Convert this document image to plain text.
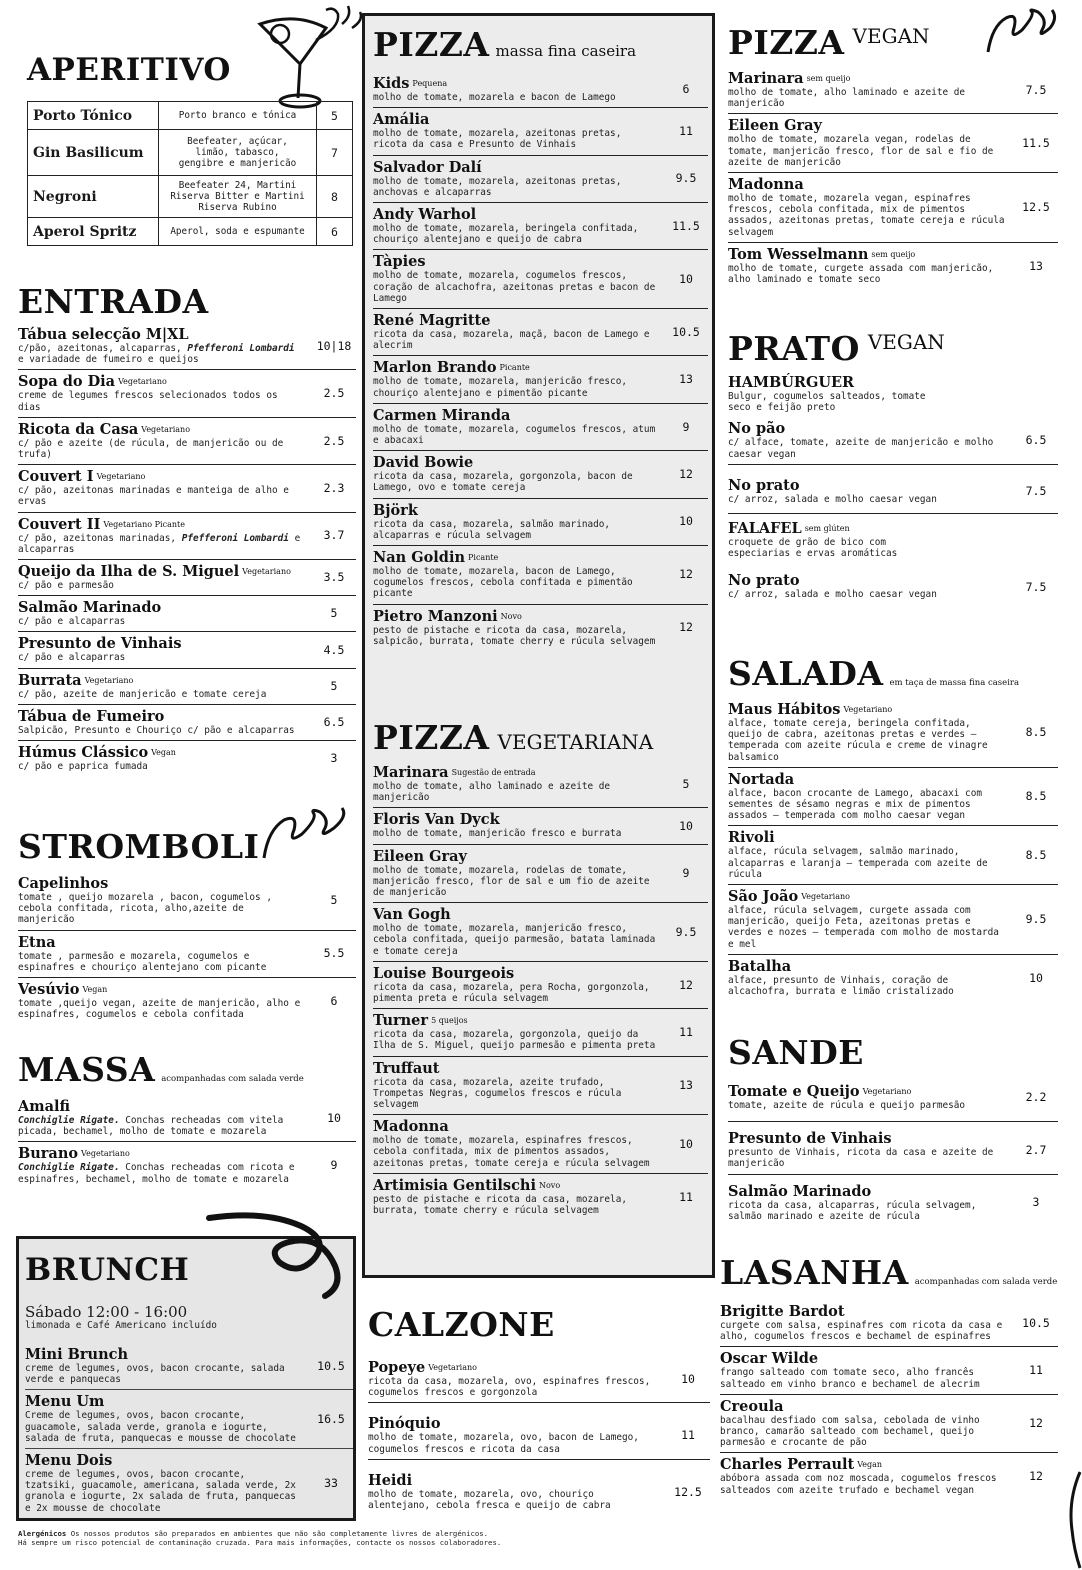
APERITIVO
Porto Tónico	Porto branco e tónica	5
Gin Basilicum	Beefeater, açúcar,
limão, tabasco,
gengibre e manjericão	7
Negroni	Beefeater 24, Martini
Riserva Bitter e Martini
Riserva Rubino	8
Aperol Spritz	Aperol, soda e espumante	6
ENTRADA
Tábua selecção M|XL
c/pão, azeitonas, alcaparras, Pfefferoni Lombardi e variadade de fumeiro e queijos
10|18
Sopa do Dia $^{Vegetariano}$
creme de legumes frescos selecionados todos os dias
2.5
Ricota da Casa $^{Vegetariano}$
c/ pão e azeite (de rúcula, de manjericão ou de trufa)
2.5
Couvert I $^{Vegetariano}$
c/ pão, azeitonas marinadas e manteiga de alho e ervas
2.3
Couvert II $^{Vegetariano Picante}$
c/ pão, azeitonas marinadas, Pfefferoni Lombardi e alcaparras
3.7
Queijo da Ilha de S. Miguel $^{Vegetariano}$
c/ pão e parmesão
3.5
Salmão Marinado
c/ pão e alcaparras
5
Presunto de Vinhais
c/ pão e alcaparras
4.5
Burrata $^{Vegetariano}$
c/ pão, azeite de manjericão e tomate cereja
5
Tábua de Fumeiro
Salpicão, Presunto e Chouriço c/ pão e alcaparras
6.5
Húmus Clássico $^{Vegan}$
c/ pão e paprica fumada
3
STROMBOLI
Capelinhos
tomate , queijo mozarela , bacon, cogumelos , cebola confitada, ricota, alho,azeite de manjericão
5
Etna
tomate , parmesão e mozarela, cogumelos e espinafres e chouriço alentejano com picante
5.5
Vesúvio $^{Vegan}$
tomate ,queijo vegan, azeite de manjericão, alho e espinafres, cogumelos e cebola confitada
6
MASSA acompanhadas com salada verde
Amalfi
Conchiglie Rigate. Conchas recheadas com vitela picada, bechamel, molho de tomate e mozarela
10
Burano $^{Vegetariano}$
Conchiglie Rigate. Conchas recheadas com ricota e espinafres, bechamel, molho de tomate e mozarela
9
BRUNCH
Sábado 12:00 - 16:00
limonada e Café Americano incluído
Mini Brunch
creme de legumes, ovos, bacon crocante, salada verde e panquecas
10.5
Menu Um
Creme de legumes, ovos, bacon crocante, guacamole, salada verde, granola e iogurte, salada de fruta, panquecas e mousse de chocolate
16.5
Menu Dois
creme de legumes, ovos, bacon crocante, tzatsiki, guacamole, americana, salada verde, 2x granola e iogurte, 2x salada de fruta, panquecas e 2x mousse de chocolate
33
Alergénicos Os nossos produtos são preparados em ambientes que não são completamente livres de alergénicos.
Há sempre um risco potencial de contaminação cruzada. Para mais informações, contacte os nossos colaboradores.
PIZZA massa fina caseira
Kids $^{Pequena}$
molho de tomate, mozarela e bacon de Lamego
6
Amália
molho de tomate, mozarela, azeitonas pretas, ricota da casa e Presunto de Vinhais
11
Salvador Dalí
molho de tomate, mozarela, azeitonas pretas, anchovas e alcaparras
9.5
Andy Warhol
molho de tomate, mozarela, beringela confitada, chouriço alentejano e queijo de cabra
11.5
Tàpies
molho de tomate, mozarela, cogumelos frescos, coração de alcachofra, azeitonas pretas e bacon de Lamego
10
René Magritte
ricota da casa, mozarela, maçã, bacon de Lamego e alecrim
10.5
Marlon Brando $^{Picante}$
molho de tomate, mozarela, manjericão fresco, chouriço alentejano e pimentão picante
13
Carmen Miranda
molho de tomate, mozarela, cogumelos frescos, atum e abacaxi
9
David Bowie
ricota da casa, mozarela, gorgonzola, bacon de Lamego, ovo e tomate cereja
12
Björk
ricota da casa, mozarela, salmão marinado, alcaparras e rúcula selvagem
10
Nan Goldin $^{Picante}$
molho de tomate, mozarela, bacon de Lamego, cogumelos frescos, cebola confitada e pimentão picante
12
Pietro Manzoni $^{Novo}$
pesto de pistache e ricota da casa, mozarela, salpicão, burrata, tomate cherry e rúcula selvagem
12
PIZZA VEGETARIANA
Marinara $^{Sugestão de entrada}$
molho de tomate, alho laminado e azeite de manjericão
5
Floris Van Dyck
molho de tomate, manjericão fresco e burrata
10
Eileen Gray
molho de tomate, mozarela, rodelas de tomate, manjericão fresco, flor de sal e um fio de azeite de manjericão
9
Van Gogh
molho de tomate, mozarela, manjericão fresco, cebola confitada, queijo parmesão, batata laminada e tomate cereja
9.5
Louise Bourgeois
ricota da casa, mozarela, pera Rocha, gorgonzola, pimenta preta e rúcula selvagem
12
Turner $^{5 queijos}$
ricota da casa, mozarela, gorgonzola, queijo da Ilha de S. Miguel, queijo parmesão e pimenta preta
11
Truffaut
ricota da casa, mozarela, azeite trufado, Trompetas Negras, cogumelos frescos e rúcula selvagem
13
Madonna
molho de tomate, mozarela, espinafres frescos, cebola confitada, mix de pimentos assados, azeitonas pretas, tomate cereja e rúcula selvagem
10
Artimisia Gentilschi $^{Novo}$
pesto de pistache e ricota da casa, mozarela, burrata, tomate cherry e rúcula selvagem
11
CALZONE
Popeye $^{Vegetariano}$
ricota da casa, mozarela, ovo, espinafres frescos, cogumelos frescos e gorgonzola
10
Pinóquio
molho de tomate, mozarela, ovo, bacon de Lamego, cogumelos frescos e ricota da casa
11
Heidi
molho de tomate, mozarela, ovo, chouriço alentejano, cebola fresca e queijo de cabra
12.5
PIZZA $^{VEGAN}$
Marinara $^{sem queijo}$
molho de tomate, alho laminado e azeite de manjericão
7.5
Eileen Gray
molho de tomate, mozarela vegan, rodelas de tomate, manjericão fresco, flor de sal e fio de azeite de manjericão
11.5
Madonna
molho de tomate, mozarela vegan, espinafres frescos, cebola confitada, mix de pimentos assados, azeitonas pretas, tomate cereja e rúcula selvagem
12.5
Tom Wesselmann $^{sem queijo}$
molho de tomate, curgete assada com manjericão, alho laminado e tomate seco
13
PRATO $^{VEGAN}$
HAMBÚRGUER
Bulgur, cogumelos salteados, tomate seco e feijão preto
No pão
c/ alface, tomate, azeite de manjericão e molho caesar vegan
6.5
No prato
c/ arroz, salada e molho caesar vegan
7.5
FALAFEL $^{sem glúten}$
croquete de grão de bico com especiarias e ervas aromáticas
No prato
c/ arroz, salada e molho caesar vegan
7.5
SALADA em taça de massa fina caseira
Maus Hábitos $^{Vegetariano}$
alface, tomate cereja, beringela confitada, queijo de cabra, azeitonas pretas e verdes — temperada com azeite rúcula e creme de vinagre balsamico
8.5
Nortada
alface, bacon crocante de Lamego, abacaxi com sementes de sésamo negras e mix de pimentos assados — temperada com molho caesar vegan
8.5
Rivoli
alface, rúcula selvagem, salmão marinado, alcaparras e laranja — temperada com azeite de rúcula
8.5
São João $^{Vegetariano}$
alface, rúcula selvagem, curgete assada com manjericão, queijo Feta, azeitonas pretas e verdes e nozes — temperada com molho de mostarda e mel
9.5
Batalha
alface, presunto de Vinhais, coração de alcachofra, burrata e limão cristalizado
10
SANDE
Tomate e Queijo $^{Vegetariano}$
tomate, azeite de rúcula e queijo parmesão
2.2
Presunto de Vinhais
presunto de Vinhais, ricota da casa e azeite de manjericão
2.7
Salmão Marinado
ricota da casa, alcaparras, rúcula selvagem, salmão marinado e azeite de rúcula
3
LASANHA acompanhadas com salada verde
Brigitte Bardot
curgete com salsa, espinafres com ricota da casa e alho, cogumelos frescos e bechamel de espinafres
10.5
Oscar Wilde
frango salteado com tomate seco, alho francês salteado em vinho branco e bechamel de alecrim
11
Creoula
bacalhau desfiado com salsa, cebolada de vinho branco, camarão salteado com bechamel, queijo parmesão e crocante de pão
12
Charles Perrault $^{Vegan}$
abóbora assada com noz moscada, cogumelos frescos salteados com azeite trufado e bechamel vegan
12
